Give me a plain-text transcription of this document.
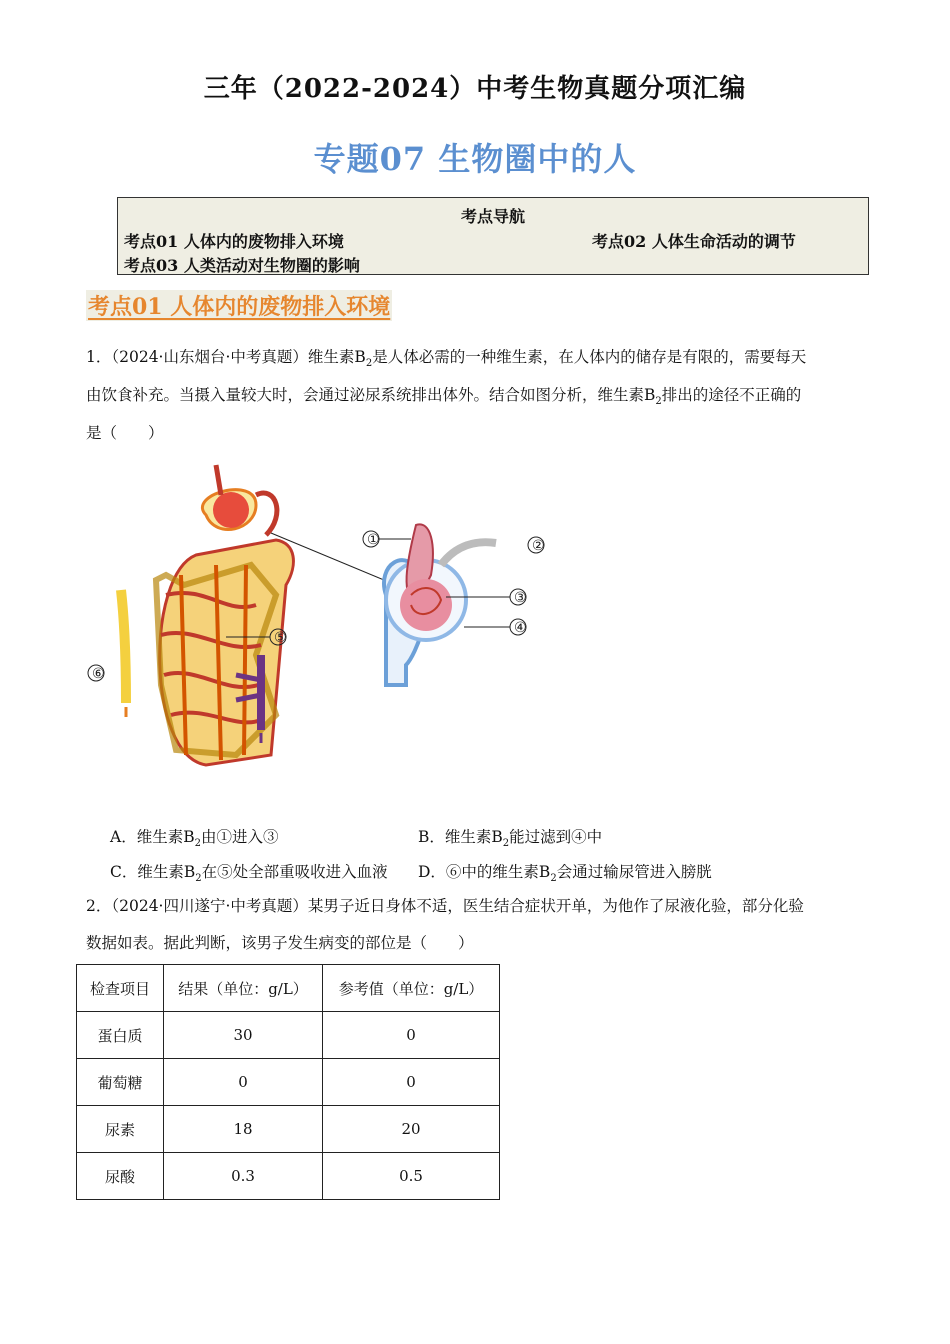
三年（2022-2024）中考生物真题分项汇编
专题07 生物圈中的人
考点导航
考点01 人体内的废物排入环境	考点02 人体生命活动的调节
考点03 人类活动对生物圈的影响
考点01 人体内的废物排入环境
1．（2024·山东烟台·中考真题）维生素$B_2$是人体必需的一种维生素，在人体内的储存是有限的，需要每天
由饮食补充。当摄入量较大时，会通过泌尿系统排出体外。结合如图分析，维生素$B_2$排出的途径不正确的
是（　　）
①	②
③
④
⑤
⑥
A．维生素$B_2$由①进入③	B．维生素$B_2$能过滤到④中
C．维生素$B_2$在⑤处全部重吸收进入血液 D．⑥中的维生素$B_2$会通过输尿管进入膀胱
2．（2024·四川遂宁·中考真题）某男子近日身体不适，医生结合症状开单，为他作了尿液化验，部分化验
数据如表。据此判断，该男子发生病变的部位是（　　）
检查项目	结果（单位：g/L）	参考值（单位：g/L）
蛋白质	30	0
葡萄糖	0	0
尿素	18	20
尿酸	0.3	0.5
